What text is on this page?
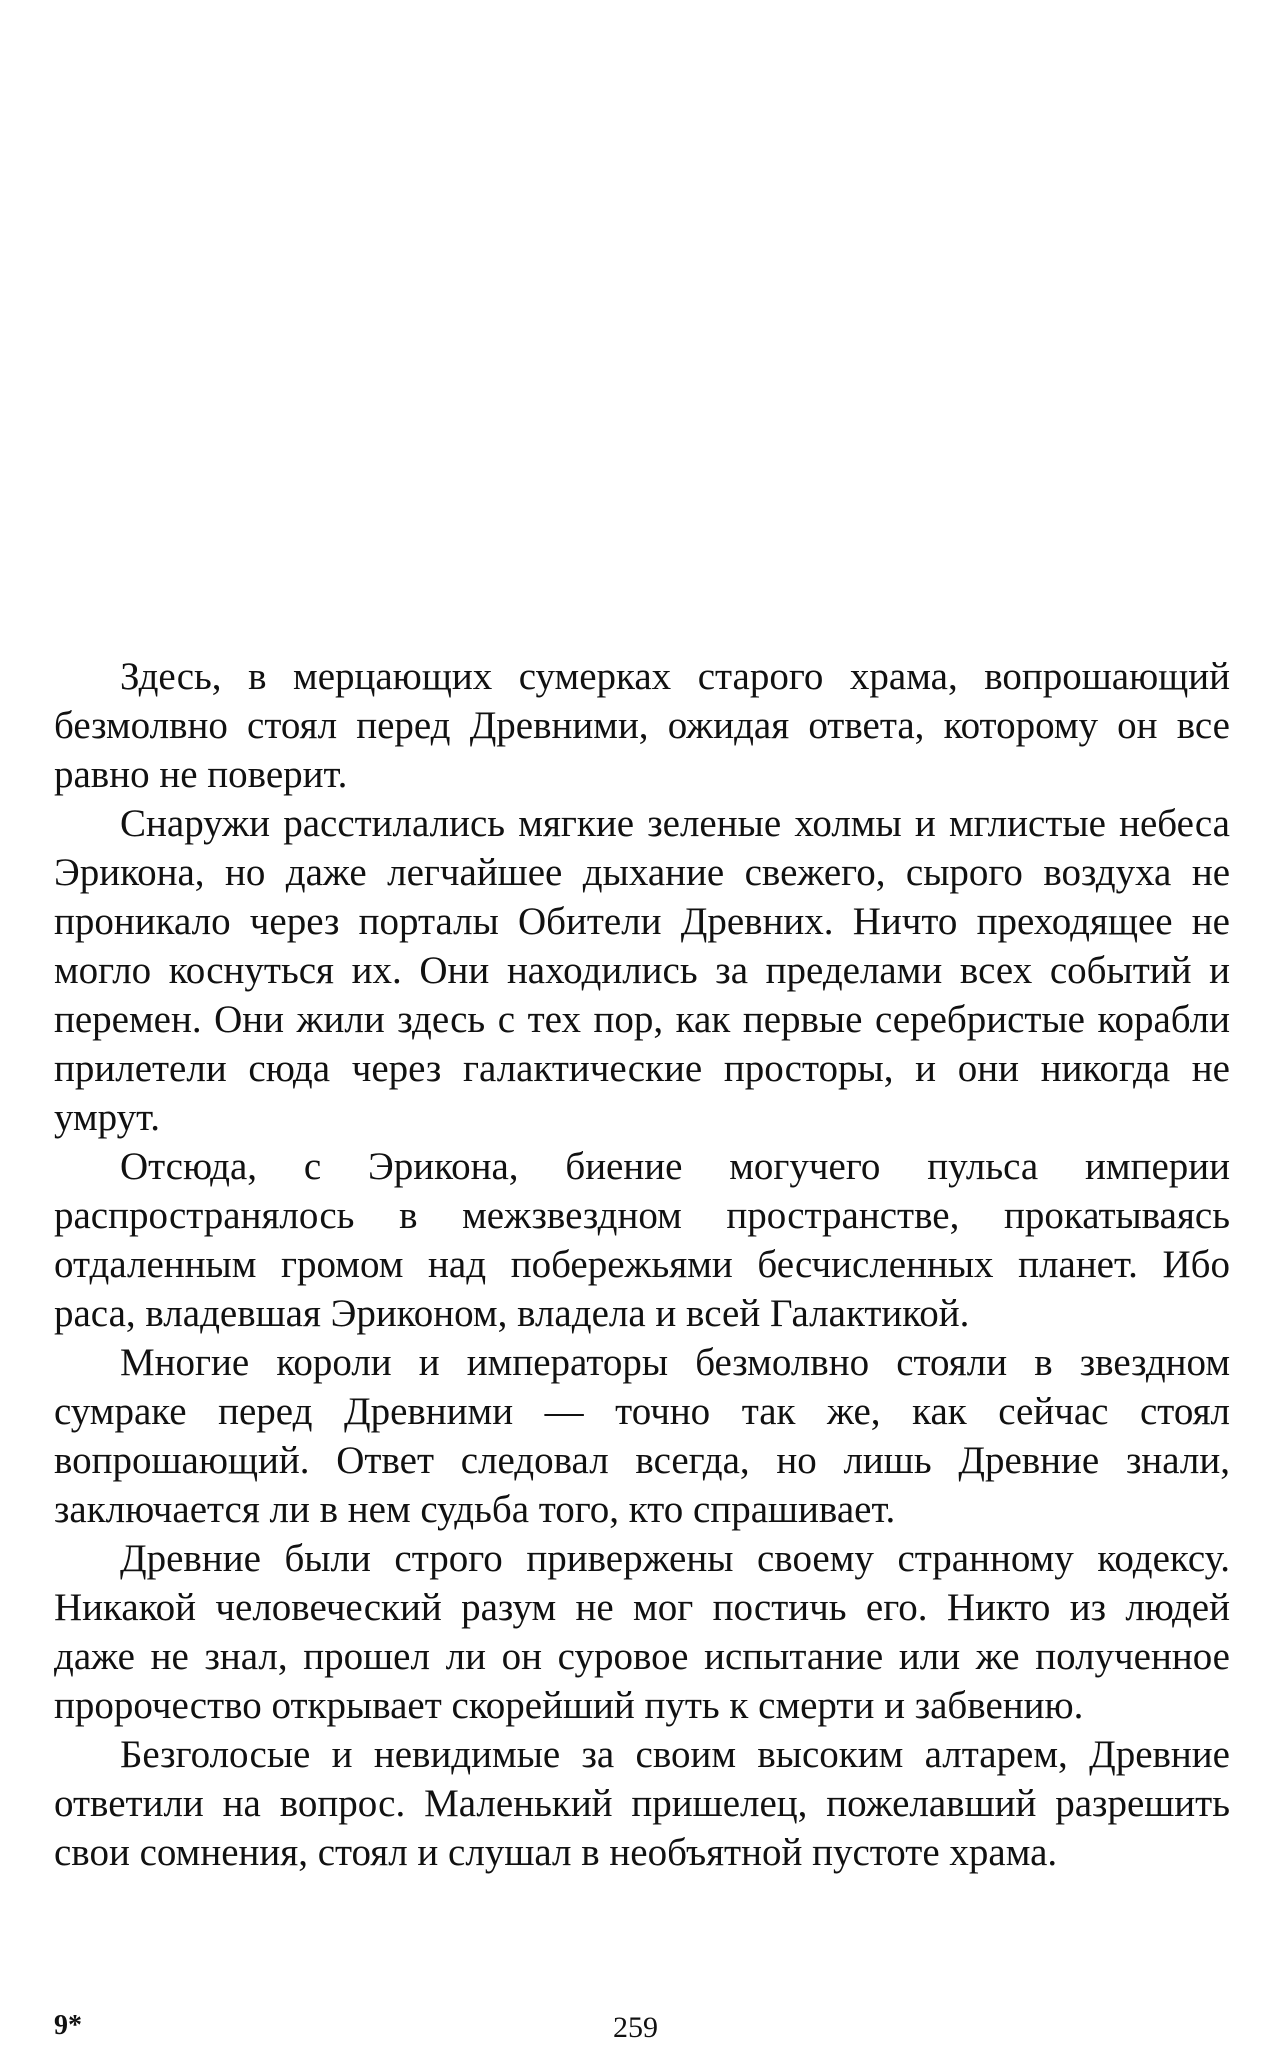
Здесь, в мерцающих сумерках старого храма, вопрошающий безмолвно стоял перед Древними, ожидая ответа, которому он все равно не поверит.

Снаружи расстилались мягкие зеленые холмы и мглистые небеса Эрикона, но даже легчайшее дыхание свежего, сырого воздуха не проникало через порталы Обители Древних. Ничто преходящее не могло коснуться их. Они находились за пределами всех событий и перемен. Они жили здесь с тех пор, как первые серебристые корабли прилетели сюда через галактические просторы, и они никогда не умрут.

Отсюда, с Эрикона, биение могучего пульса империи распространялось в межзвездном пространстве, прокатываясь отдаленным громом над побережьями бесчисленных планет. Ибо раса, владевшая Эриконом, владела и всей Галактикой.

Многие короли и императоры безмолвно стояли в звездном сумраке перед Древними — точно так же, как сейчас стоял вопрошающий. Ответ следовал всегда, но лишь Древние знали, заключается ли в нем судьба того, кто спрашивает.

Древние были строго привержены своему странному кодексу. Никакой человеческий разум не мог постичь его. Никто из людей даже не знал, прошел ли он суровое испытание или же полученное пророчество открывает скорейший путь к смерти и забвению.

Безголосые и невидимые за своим высоким алтарем, Древние ответили на вопрос. Маленький пришелец, пожелавший разрешить свои сомнения, стоял и слушал в необъятной пустоте храма.

9*	259
